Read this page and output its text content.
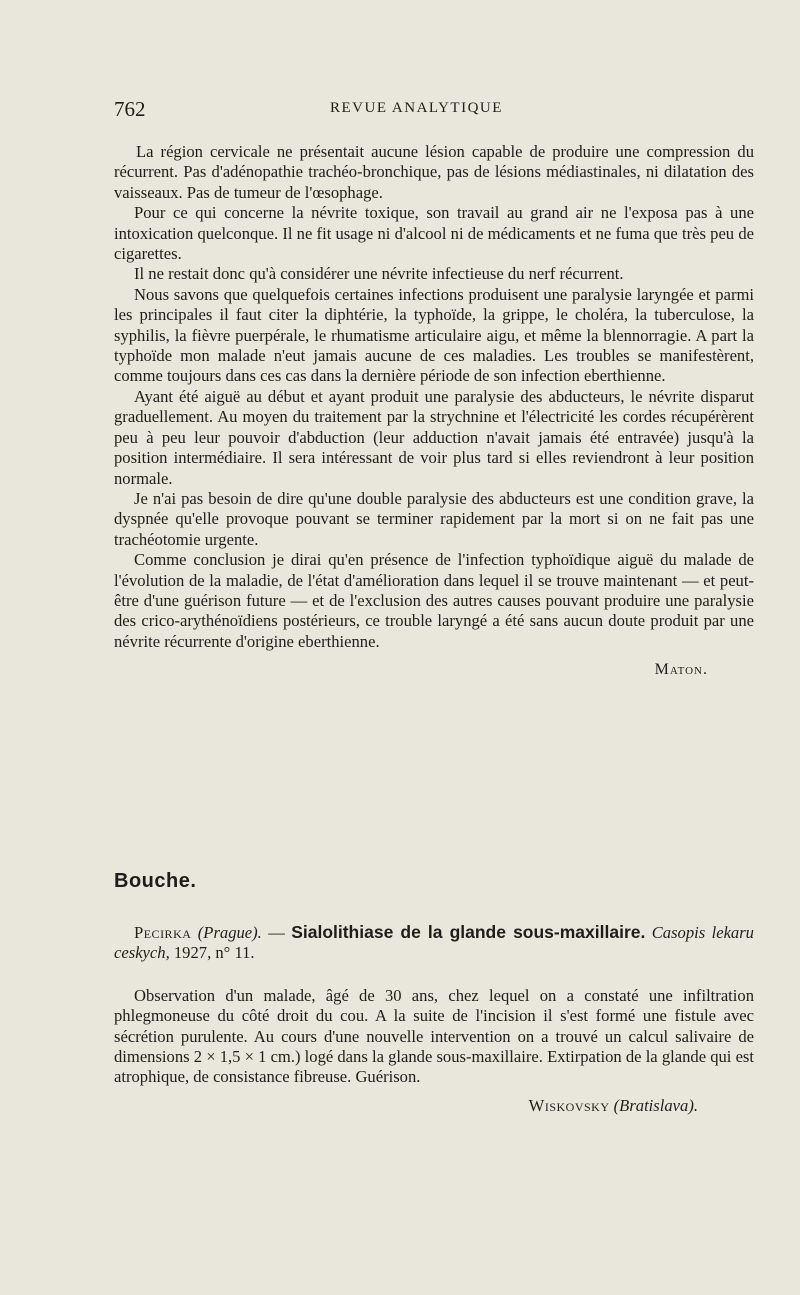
762	REVUE ANALYTIQUE

La région cervicale ne présentait aucune lésion capable de produire une compression du récurrent. Pas d'adénopathie trachéo-bronchique, pas de lésions médiastinales, ni dilatation des vaisseaux. Pas de tumeur de l'œsophage.

Pour ce qui concerne la névrite toxique, son travail au grand air ne l'exposa pas à une intoxication quelconque. Il ne fit usage ni d'alcool ni de médicaments et ne fuma que très peu de cigarettes.

Il ne restait donc qu'à considérer une névrite infectieuse du nerf récurrent.

Nous savons que quelquefois certaines infections produisent une paralysie laryngée et parmi les principales il faut citer la diphtérie, la typhoïde, la grippe, le choléra, la tuberculose, la syphilis, la fièvre puerpérale, le rhumatisme articulaire aigu, et même la blennorragie. A part la typhoïde mon malade n'eut jamais aucune de ces maladies. Les troubles se manifestèrent, comme toujours dans ces cas dans la dernière période de son infection eberthienne.

Ayant été aiguë au début et ayant produit une paralysie des abducteurs, le névrite disparut graduellement. Au moyen du traitement par la strychnine et l'électricité les cordes récupérèrent peu à peu leur pouvoir d'abduction (leur adduction n'avait jamais été entravée) jusqu'à la position intermédiaire. Il sera intéressant de voir plus tard si elles reviendront à leur position normale.

Je n'ai pas besoin de dire qu'une double paralysie des abducteurs est une condition grave, la dyspnée qu'elle provoque pouvant se terminer rapidement par la mort si on ne fait pas une trachéotomie urgente.

Comme conclusion je dirai qu'en présence de l'infection typhoïdique aiguë du malade de l'évolution de la maladie, de l'état d'amélioration dans lequel il se trouve maintenant — et peut-être d'une guérison future — et de l'exclusion des autres causes pouvant produire une paralysie des crico-arythénoïdiens postérieurs, ce trouble laryngé a été sans aucun doute produit par une névrite récurrente d'origine eberthienne.

Maton.
Bouche.

Pecirka (Prague). — Sialolithiase de la glande sous-maxillaire. Casopis lekaru ceskych, 1927, n° 11.

Observation d'un malade, âgé de 30 ans, chez lequel on a constaté une infiltration phlegmoneuse du côté droit du cou. A la suite de l'incision il s'est formé une fistule avec sécrétion purulente. Au cours d'une nouvelle intervention on a trouvé un calcul salivaire de dimensions 2 × 1,5 × 1 cm.) logé dans la glande sous-maxillaire. Extirpation de la glande qui est atrophique, de consistance fibreuse. Guérison.

Wiskovsky (Bratislava).
